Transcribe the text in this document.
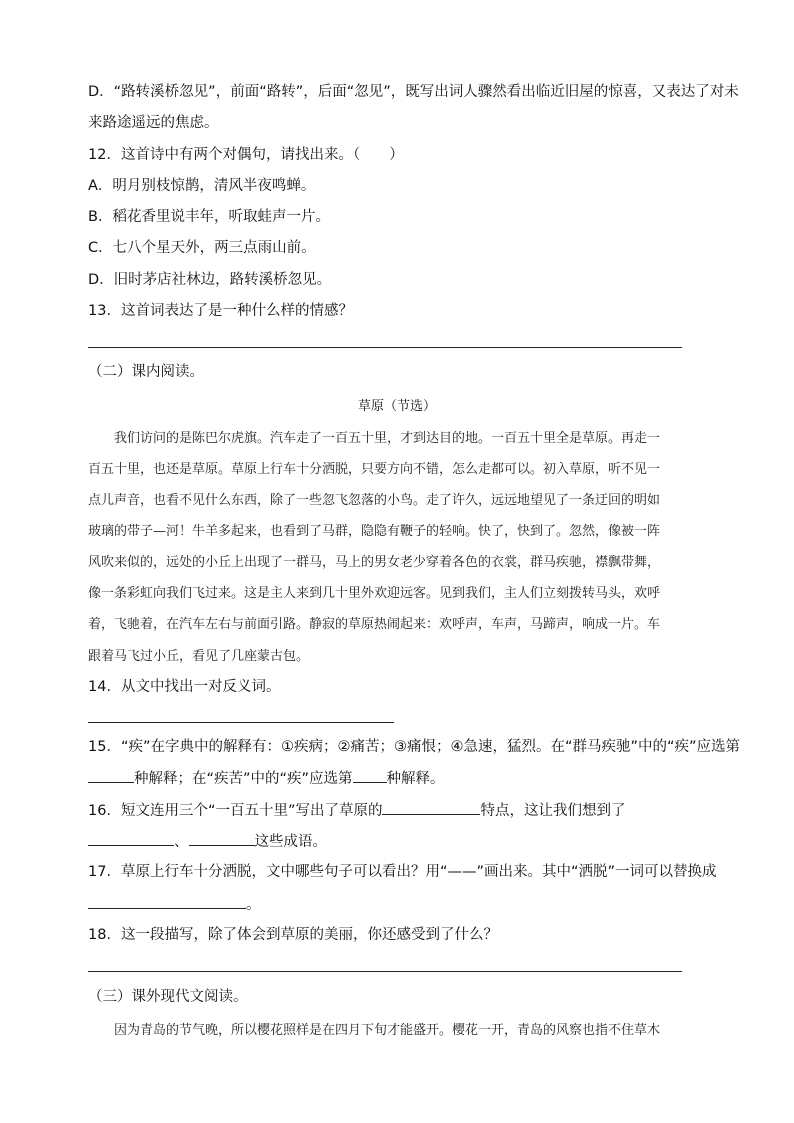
D．“路转溪桥忽见”，前面“路转”，后面“忽见”，既写出词人骤然看出临近旧屋的惊喜，又表达了对未
来路途遥远的焦虑。
12．这首诗中有两个对偶句，请找出来。（　　）
A．明月别枝惊鹊，清风半夜鸣蝉。
B．稻花香里说丰年，听取蛙声一片。
C．七八个星天外，两三点雨山前。
D．旧时茅店社林边，路转溪桥忽见。
13．这首词表达了是一种什么样的情感？
（二）课内阅读。
草原（节选）
我们访问的是陈巴尔虎旗。汽车走了一百五十里，才到达目的地。一百五十里全是草原。再走一
百五十里，也还是草原。草原上行车十分洒脱，只要方向不错，怎么走都可以。初入草原，听不见一
点儿声音，也看不见什么东西，除了一些忽飞忽落的小鸟。走了许久，远远地望见了一条迂回的明如
玻璃的带子—河！牛羊多起来，也看到了马群，隐隐有鞭子的轻响。快了，快到了。忽然，像被一阵
风吹来似的，远处的小丘上出现了一群马，马上的男女老少穿着各色的衣裳，群马疾驰，襟飘带舞，
像一条彩虹向我们飞过来。这是主人来到几十里外欢迎远客。见到我们，主人们立刻拨转马头，欢呼
着，飞驰着，在汽车左右与前面引路。静寂的草原热闹起来：欢呼声，车声，马蹄声，响成一片。车
跟着马飞过小丘，看见了几座蒙古包。
14．从文中找出一对反义词。
15．“疾”在字典中的解释有：①疾病；②痛苦；③痛恨；④急速，猛烈。在“群马疾驰”中的“疾”应选第
种解释；在“疾苦”中的“疾”应选第 种解释。
16．短文连用三个“一百五十里”写出了草原的	特点，这让我们想到了
、	这些成语。
17．草原上行车十分洒脱，文中哪些句子可以看出？用“——”画出来。其中“洒脱”一词可以替换成
。
18．这一段描写，除了体会到草原的美丽，你还感受到了什么？
（三）课外现代文阅读。
因为青岛的节气晚，所以樱花照样是在四月下旬才能盛开。樱花一开，青岛的风察也指不住草木
